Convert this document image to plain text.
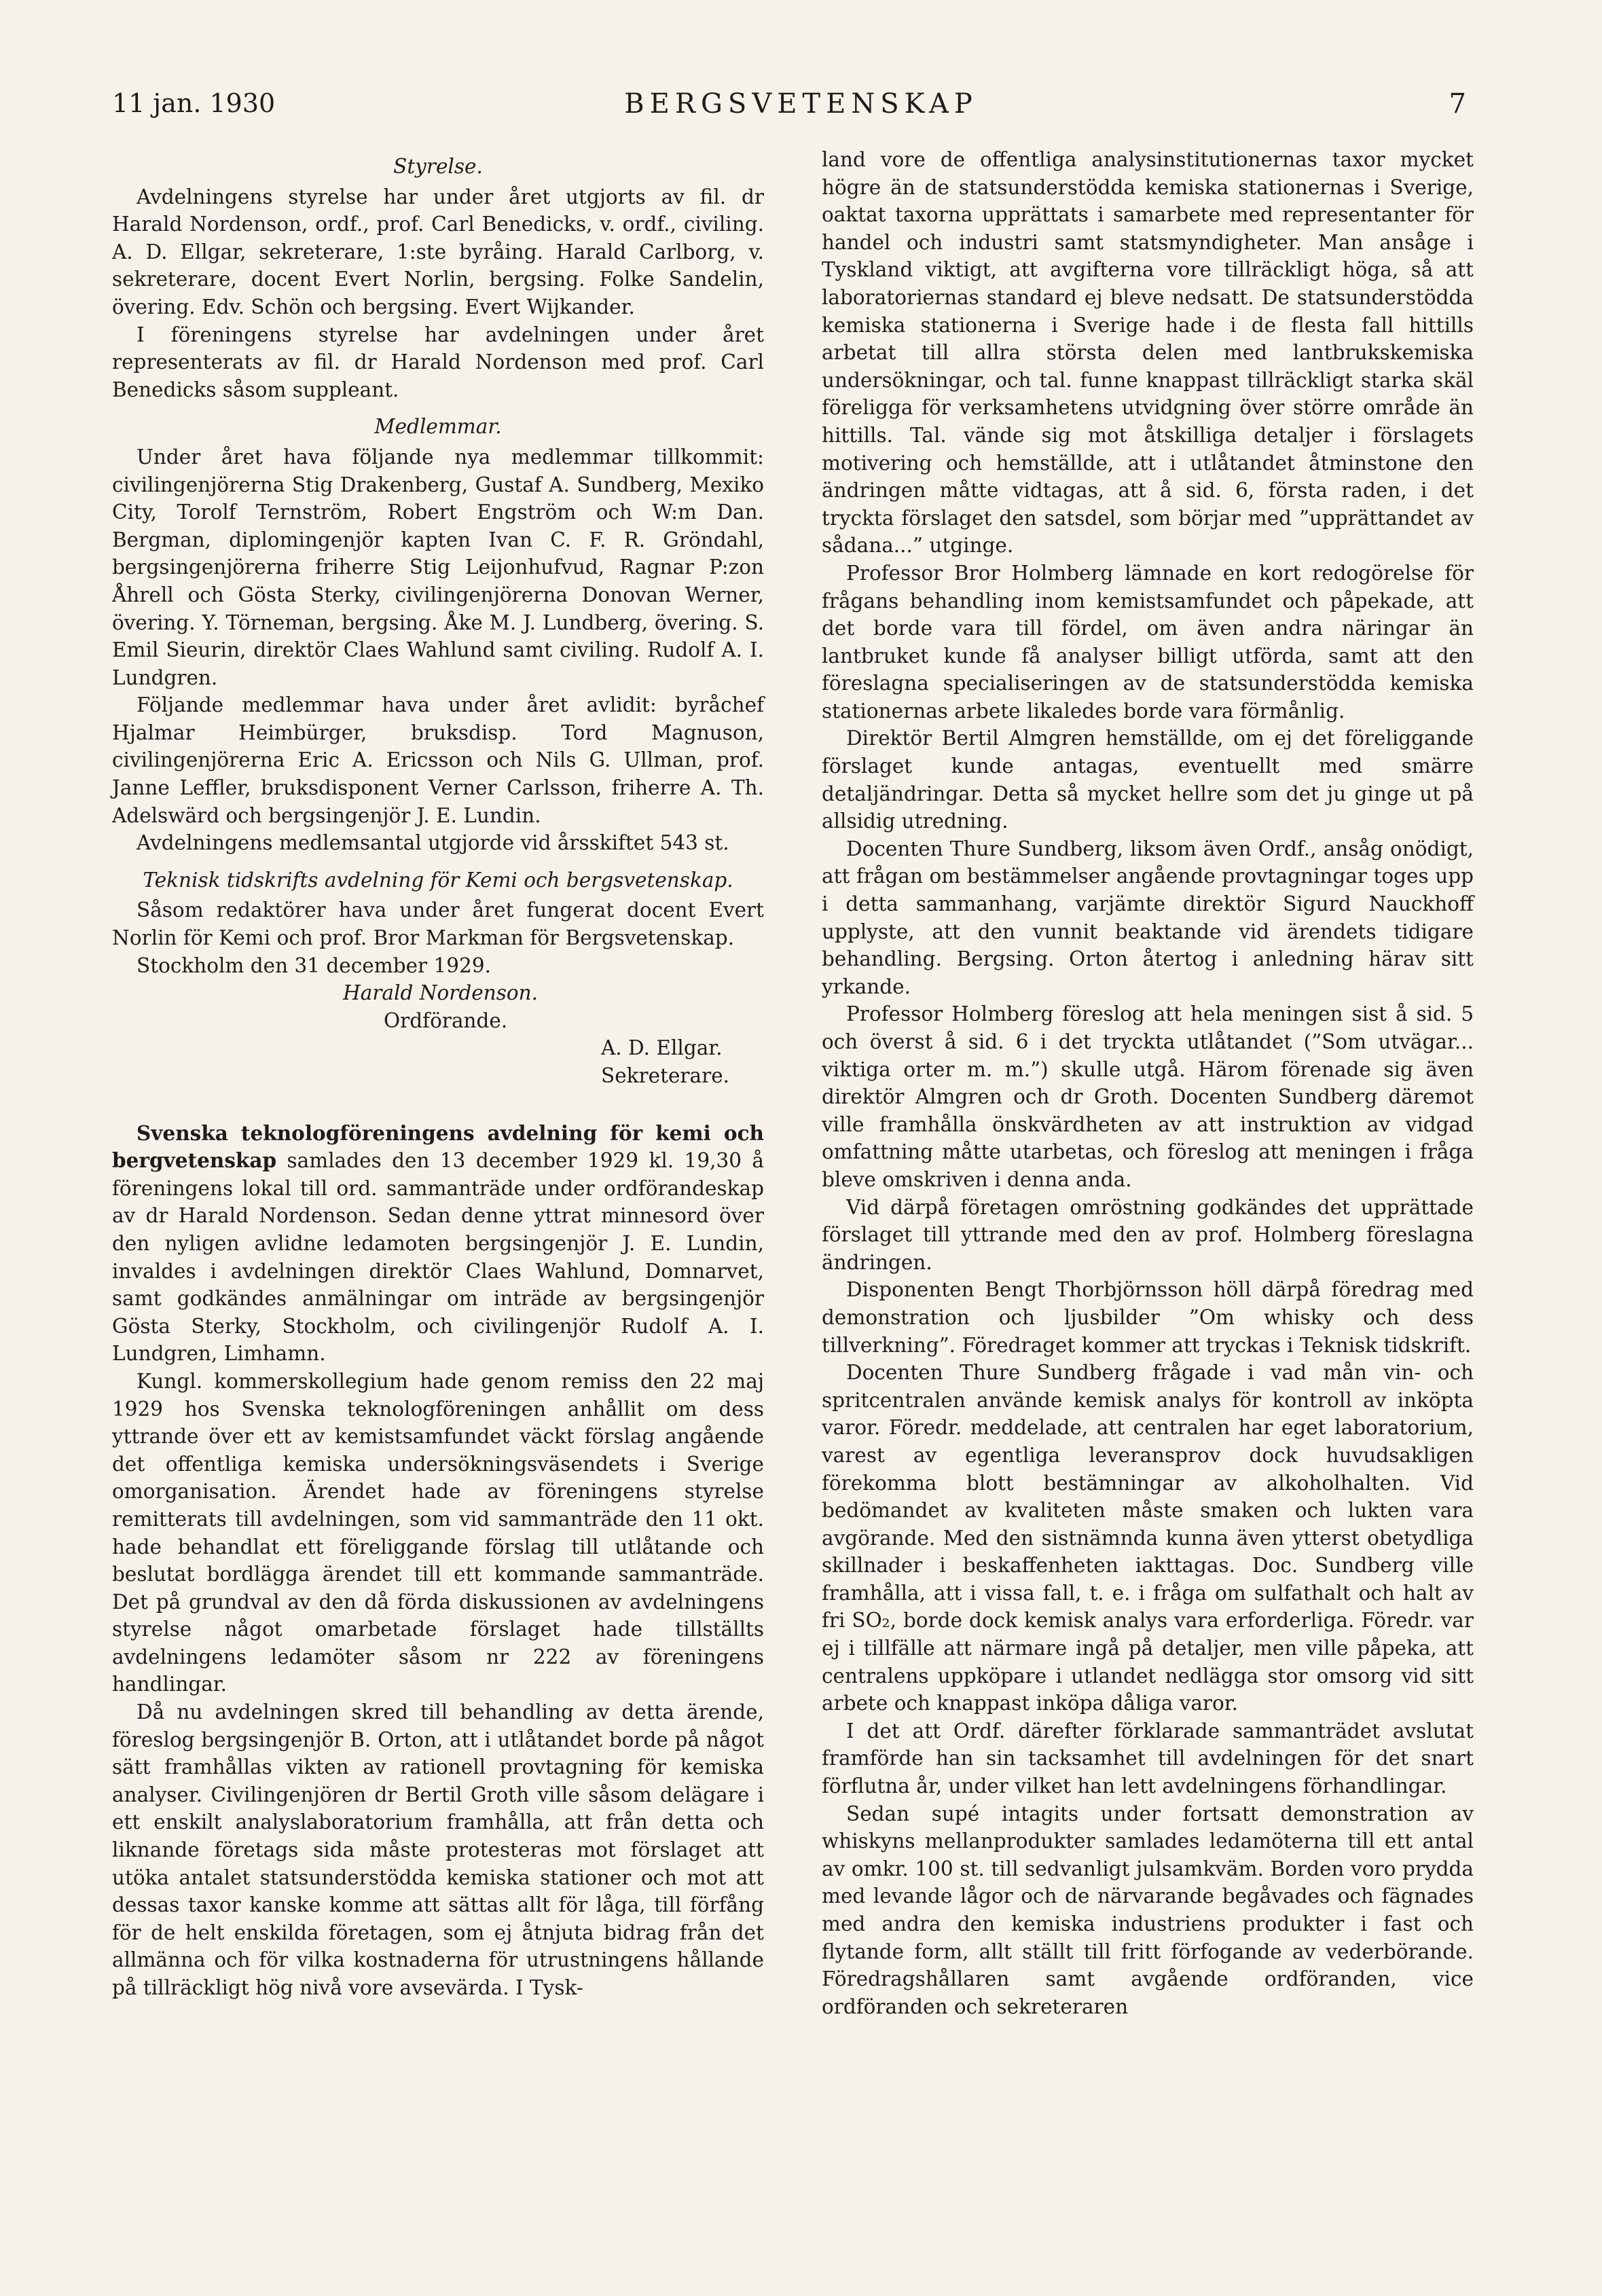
11 jan. 1930	BERGSVETENSKAP	7

Styrelse.

Avdelningens styrelse har under året utgjorts av fil. dr Harald Nordenson, ordf., prof. Carl Benedicks, v. ordf., civiling. A. D. Ellgar, sekreterare, 1:ste byråing. Harald Carlborg, v. sekreterare, docent Evert Norlin, bergsing. Folke Sandelin, övering. Edv. Schön och bergsing. Evert Wijkander.

I föreningens styrelse har avdelningen under året representerats av fil. dr Harald Nordenson med prof. Carl Benedicks såsom suppleant.

Medlemmar.

Under året hava följande nya medlemmar tillkommit: civilingenjörerna Stig Drakenberg, Gustaf A. Sundberg, Mexiko City, Torolf Ternström, Robert Engström och W:m Dan. Bergman, diplomingenjör kapten Ivan C. F. R. Gröndahl, bergsingenjörerna friherre Stig Leijonhufvud, Ragnar P:zon Åhrell och Gösta Sterky, civilingenjörerna Donovan Werner, övering. Y. Törneman, bergsing. Åke M. J. Lundberg, övering. S. Emil Sieurin, direktör Claes Wahlund samt civiling. Rudolf A. I. Lundgren.

Följande medlemmar hava under året avlidit: byråchef Hjalmar Heimbürger, bruksdisp. Tord Magnuson, civilingenjörerna Eric A. Ericsson och Nils G. Ullman, prof. Janne Leffler, bruksdisponent Verner Carlsson, friherre A. Th. Adelswärd och bergsingenjör J. E. Lundin.

Avdelningens medlemsantal utgjorde vid årsskiftet 543 st.

Teknisk tidskrifts avdelning för Kemi och bergsvetenskap.

Såsom redaktörer hava under året fungerat docent Evert Norlin för Kemi och prof. Bror Markman för Bergsvetenskap.

Stockholm den 31 december 1929.

Harald Nordenson.

Ordförande.

A. D. Ellgar.

Sekreterare.

Svenska teknologföreningens avdelning för kemi och bergvetenskap samlades den 13 december 1929 kl. 19,30 å föreningens lokal till ord. sammanträde under ordförandeskap av dr Harald Nordenson. Sedan denne yttrat minnesord över den nyligen avlidne ledamoten bergsingenjör J. E. Lundin, invaldes i avdelningen direktör Claes Wahlund, Domnarvet, samt godkändes anmälningar om inträde av bergsingenjör Gösta Sterky, Stockholm, och civilingenjör Rudolf A. I. Lundgren, Limhamn.

Kungl. kommerskollegium hade genom remiss den 22 maj 1929 hos Svenska teknologföreningen anhållit om dess yttrande över ett av kemistsamfundet väckt förslag angående det offentliga kemiska undersökningsväsendets i Sverige omorganisation. Ärendet hade av föreningens styrelse remitterats till avdelningen, som vid sammanträde den 11 okt. hade behandlat ett föreliggande förslag till utlåtande och beslutat bordlägga ärendet till ett kommande sammanträde. Det på grundval av den då förda diskussionen av avdelningens styrelse något omarbetade förslaget hade tillställts avdelningens ledamöter såsom nr 222 av föreningens handlingar.

Då nu avdelningen skred till behandling av detta ärende, föreslog bergsingenjör B. Orton, att i utlåtandet borde på något sätt framhållas vikten av rationell provtagning för kemiska analyser. Civilingenjören dr Bertil Groth ville såsom delägare i ett enskilt analyslaboratorium framhålla, att från detta och liknande företags sida måste protesteras mot förslaget att utöka antalet statsunderstödda kemiska stationer och mot att dessas taxor kanske komme att sättas allt för låga, till förfång för de helt enskilda företagen, som ej åtnjuta bidrag från det allmänna och för vilka kostnaderna för utrustningens hållande på tillräckligt hög nivå vore avsevärda. I Tysk-

land vore de offentliga analysinstitutionernas taxor mycket högre än de statsunderstödda kemiska stationernas i Sverige, oaktat taxorna upprättats i samarbete med representanter för handel och industri samt statsmyndigheter. Man ansåge i Tyskland viktigt, att avgifterna vore tillräckligt höga, så att laboratoriernas standard ej bleve nedsatt. De statsunderstödda kemiska stationerna i Sverige hade i de flesta fall hittills arbetat till allra största delen med lantbrukskemiska undersökningar, och tal. funne knappast tillräckligt starka skäl föreligga för verksamhetens utvidgning över större område än hittills. Tal. vände sig mot åtskilliga detaljer i förslagets motivering och hemställde, att i utlåtandet åtminstone den ändringen måtte vidtagas, att å sid. 6, första raden, i det tryckta förslaget den satsdel, som börjar med ”upprättandet av sådana...” utginge.

Professor Bror Holmberg lämnade en kort redogörelse för frågans behandling inom kemistsamfundet och påpekade, att det borde vara till fördel, om även andra näringar än lantbruket kunde få analyser billigt utförda, samt att den föreslagna specialiseringen av de statsunderstödda kemiska stationernas arbete likaledes borde vara förmånlig.

Direktör Bertil Almgren hemställde, om ej det föreliggande förslaget kunde antagas, eventuellt med smärre detaljändringar. Detta så mycket hellre som det ju ginge ut på allsidig utredning.

Docenten Thure Sundberg, liksom även Ordf., ansåg onödigt, att frågan om bestämmelser angående provtagningar toges upp i detta sammanhang, varjämte direktör Sigurd Nauckhoff upplyste, att den vunnit beaktande vid ärendets tidigare behandling. Bergsing. Orton återtog i anledning härav sitt yrkande.

Professor Holmberg föreslog att hela meningen sist å sid. 5 och överst å sid. 6 i det tryckta utlåtandet (”Som utvägar... viktiga orter m. m.”) skulle utgå. Härom förenade sig även direktör Almgren och dr Groth. Docenten Sundberg däremot ville framhålla önskvärdheten av att instruktion av vidgad omfattning måtte utarbetas, och föreslog att meningen i fråga bleve omskriven i denna anda.

Vid därpå företagen omröstning godkändes det upprättade förslaget till yttrande med den av prof. Holmberg föreslagna ändringen.

Disponenten Bengt Thorbjörnsson höll därpå föredrag med demonstration och ljusbilder ”Om whisky och dess tillverkning”. Föredraget kommer att tryckas i Teknisk tidskrift.

Docenten Thure Sundberg frågade i vad mån vin- och spritcentralen använde kemisk analys för kontroll av inköpta varor. Föredr. meddelade, att centralen har eget laboratorium, varest av egentliga leveransprov dock huvudsakligen förekomma blott bestämningar av alkoholhalten. Vid bedömandet av kvaliteten måste smaken och lukten vara avgörande. Med den sistnämnda kunna även ytterst obetydliga skillnader i beskaffenheten iakttagas. Doc. Sundberg ville framhålla, att i vissa fall, t. e. i fråga om sulfathalt och halt av fri SO₂, borde dock kemisk analys vara erforderliga. Föredr. var ej i tillfälle att närmare ingå på detaljer, men ville påpeka, att centralens uppköpare i utlandet nedlägga stor omsorg vid sitt arbete och knappast inköpa dåliga varor.

I det att Ordf. därefter förklarade sammanträdet avslutat framförde han sin tacksamhet till avdelningen för det snart förflutna år, under vilket han lett avdelningens förhandlingar.

Sedan supé intagits under fortsatt demonstration av whiskyns mellanprodukter samlades ledamöterna till ett antal av omkr. 100 st. till sedvanligt julsamkväm. Borden voro prydda med levande lågor och de närvarande begåvades och fägnades med andra den kemiska industriens produkter i fast och flytande form, allt ställt till fritt förfogande av vederbörande. Föredragshållaren samt avgående ordföranden, vice ordföranden och sekreteraren
